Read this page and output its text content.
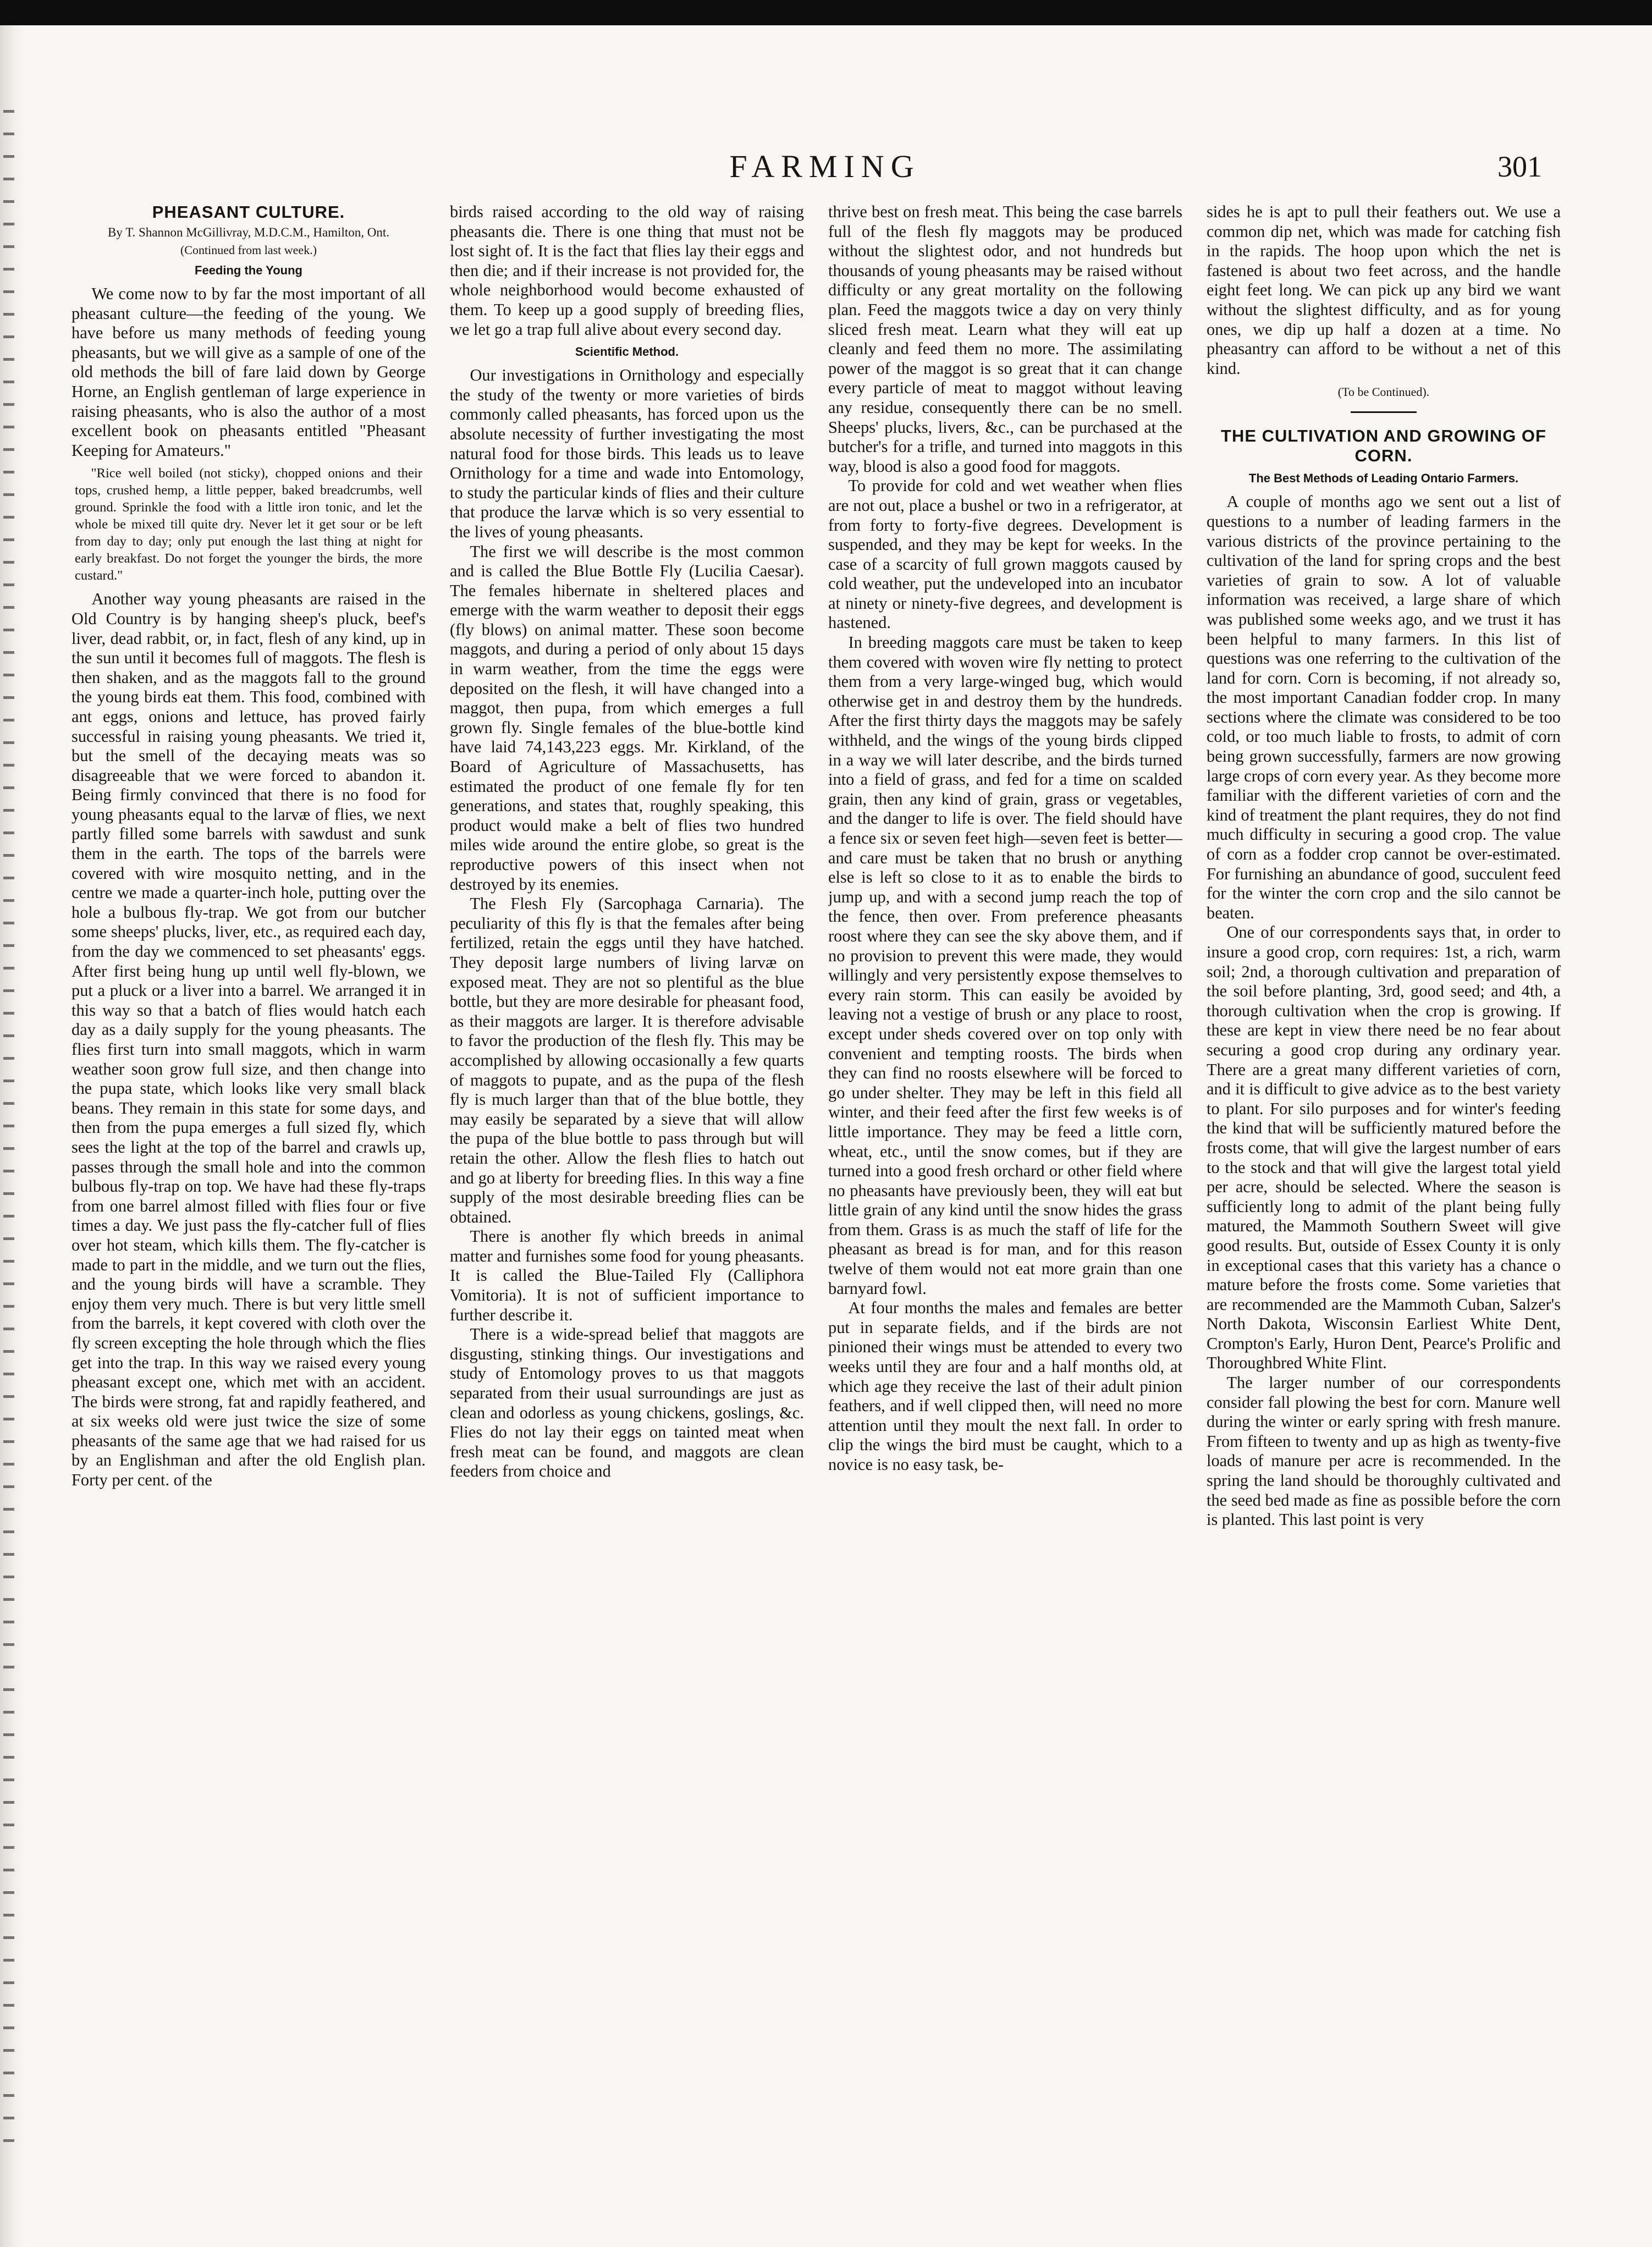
FARMING	301
PHEASANT CULTURE.
By T. Shannon McGillivray, M.D.C.M., Hamilton, Ont.
(Continued from last week.)
Feeding the Young

We come now to by far the most important of all pheasant culture—the feeding of the young. We have before us many methods of feeding young pheasants, but we will give as a sample of one of the old methods the bill of fare laid down by George Horne, an English gentleman of large experience in raising pheasants, who is also the author of a most excellent book on pheasants entitled "Pheasant Keeping for Amateurs."

"Rice well boiled (not sticky), chopped onions and their tops, crushed hemp, a little pepper, baked breadcrumbs, well ground. Sprinkle the food with a little iron tonic, and let the whole be mixed till quite dry. Never let it get sour or be left from day to day; only put enough the last thing at night for early breakfast. Do not forget the younger the birds, the more custard."

Another way young pheasants are raised in the Old Country is by hanging sheep's pluck, beef's liver, dead rabbit, or, in fact, flesh of any kind, up in the sun until it becomes full of maggots. The flesh is then shaken, and as the maggots fall to the ground the young birds eat them. This food, combined with ant eggs, onions and lettuce, has proved fairly successful in raising young pheasants. We tried it, but the smell of the decaying meats was so disagreeable that we were forced to abandon it. Being firmly convinced that there is no food for young pheasants equal to the larvæ of flies, we next partly filled some barrels with sawdust and sunk them in the earth. The tops of the barrels were covered with wire mosquito netting, and in the centre we made a quarter-inch hole, putting over the hole a bulbous fly-trap. We got from our butcher some sheeps' plucks, liver, etc., as required each day, from the day we commenced to set pheasants' eggs. After first being hung up until well fly-blown, we put a pluck or a liver into a barrel. We arranged it in this way so that a batch of flies would hatch each day as a daily supply for the young pheasants. The flies first turn into small maggots, which in warm weather soon grow full size, and then change into the pupa state, which looks like very small black beans. They remain in this state for some days, and then from the pupa emerges a full sized fly, which sees the light at the top of the barrel and crawls up, passes through the small hole and into the common bulbous fly-trap on top. We have had these fly-traps from one barrel almost filled with flies four or five times a day. We just pass the fly-catcher full of flies over hot steam, which kills them. The fly-catcher is made to part in the middle, and we turn out the flies, and the young birds will have a scramble. They enjoy them very much. There is but very little smell from the barrels, it kept covered with cloth over the fly screen excepting the hole through which the flies get into the trap. In this way we raised every young pheasant except one, which met with an accident. The birds were strong, fat and rapidly feathered, and at six weeks old were just twice the size of some pheasants of the same age that we had raised for us by an Englishman and after the old English plan. Forty per cent. of the

birds raised according to the old way of raising pheasants die. There is one thing that must not be lost sight of. It is the fact that flies lay their eggs and then die; and if their increase is not provided for, the whole neighborhood would become exhausted of them. To keep up a good supply of breeding flies, we let go a trap full alive about every second day.

Scientific Method.

Our investigations in Ornithology and especially the study of the twenty or more varieties of birds commonly called pheasants, has forced upon us the absolute necessity of further investigating the most natural food for those birds. This leads us to leave Ornithology for a time and wade into Entomology, to study the particular kinds of flies and their culture that produce the larvæ which is so very essential to the lives of young pheasants.

The first we will describe is the most common and is called the Blue Bottle Fly (Lucilia Caesar). The females hibernate in sheltered places and emerge with the warm weather to deposit their eggs (fly blows) on animal matter. These soon become maggots, and during a period of only about 15 days in warm weather, from the time the eggs were deposited on the flesh, it will have changed into a maggot, then pupa, from which emerges a full grown fly. Single females of the blue-bottle kind have laid 74,143,223 eggs. Mr. Kirkland, of the Board of Agriculture of Massachusetts, has estimated the product of one female fly for ten generations, and states that, roughly speaking, this product would make a belt of flies two hundred miles wide around the entire globe, so great is the reproductive powers of this insect when not destroyed by its enemies.

The Flesh Fly (Sarcophaga Carnaria). The peculiarity of this fly is that the females after being fertilized, retain the eggs until they have hatched. They deposit large numbers of living larvæ on exposed meat. They are not so plentiful as the blue bottle, but they are more desirable for pheasant food, as their maggots are larger. It is therefore advisable to favor the production of the flesh fly. This may be accomplished by allowing occasionally a few quarts of maggots to pupate, and as the pupa of the flesh fly is much larger than that of the blue bottle, they may easily be separated by a sieve that will allow the pupa of the blue bottle to pass through but will retain the other. Allow the flesh flies to hatch out and go at liberty for breeding flies. In this way a fine supply of the most desirable breeding flies can be obtained.

There is another fly which breeds in animal matter and furnishes some food for young pheasants. It is called the Blue-Tailed Fly (Calliphora Vomitoria). It is not of sufficient importance to further describe it.

There is a wide-spread belief that maggots are disgusting, stinking things. Our investigations and study of Entomology proves to us that maggots separated from their usual surroundings are just as clean and odorless as young chickens, goslings, &c. Flies do not lay their eggs on tainted meat when fresh meat can be found, and maggots are clean feeders from choice and

thrive best on fresh meat. This being the case barrels full of the flesh fly maggots may be produced without the slightest odor, and not hundreds but thousands of young pheasants may be raised without difficulty or any great mortality on the following plan. Feed the maggots twice a day on very thinly sliced fresh meat. Learn what they will eat up cleanly and feed them no more. The assimilating power of the maggot is so great that it can change every particle of meat to maggot without leaving any residue, consequently there can be no smell. Sheeps' plucks, livers, &c., can be purchased at the butcher's for a trifle, and turned into maggots in this way, blood is also a good food for maggots.

To provide for cold and wet weather when flies are not out, place a bushel or two in a refrigerator, at from forty to forty-five degrees. Development is suspended, and they may be kept for weeks. In the case of a scarcity of full grown maggots caused by cold weather, put the undeveloped into an incubator at ninety or ninety-five degrees, and development is hastened.

In breeding maggots care must be taken to keep them covered with woven wire fly netting to protect them from a very large-winged bug, which would otherwise get in and destroy them by the hundreds. After the first thirty days the maggots may be safely withheld, and the wings of the young birds clipped in a way we will later describe, and the birds turned into a field of grass, and fed for a time on scalded grain, then any kind of grain, grass or vegetables, and the danger to life is over. The field should have a fence six or seven feet high—seven feet is better—and care must be taken that no brush or anything else is left so close to it as to enable the birds to jump up, and with a second jump reach the top of the fence, then over. From preference pheasants roost where they can see the sky above them, and if no provision to prevent this were made, they would willingly and very persistently expose themselves to every rain storm. This can easily be avoided by leaving not a vestige of brush or any place to roost, except under sheds covered over on top only with convenient and tempting roosts. The birds when they can find no roosts elsewhere will be forced to go under shelter. They may be left in this field all winter, and their feed after the first few weeks is of little importance. They may be feed a little corn, wheat, etc., until the snow comes, but if they are turned into a good fresh orchard or other field where no pheasants have previously been, they will eat but little grain of any kind until the snow hides the grass from them. Grass is as much the staff of life for the pheasant as bread is for man, and for this reason twelve of them would not eat more grain than one barnyard fowl.

At four months the males and females are better put in separate fields, and if the birds are not pinioned their wings must be attended to every two weeks until they are four and a half months old, at which age they receive the last of their adult pinion feathers, and if well clipped then, will need no more attention until they moult the next fall. In order to clip the wings the bird must be caught, which to a novice is no easy task, be-

sides he is apt to pull their feathers out. We use a common dip net, which was made for catching fish in the rapids. The hoop upon which the net is fastened is about two feet across, and the handle eight feet long. We can pick up any bird we want without the slightest difficulty, and as for young ones, we dip up half a dozen at a time. No pheasantry can afford to be without a net of this kind.

(To be Continued).

THE CULTIVATION AND GROWING OF CORN.
The Best Methods of Leading Ontario Farmers.

A couple of months ago we sent out a list of questions to a number of leading farmers in the various districts of the province pertaining to the cultivation of the land for spring crops and the best varieties of grain to sow. A lot of valuable information was received, a large share of which was published some weeks ago, and we trust it has been helpful to many farmers. In this list of questions was one referring to the cultivation of the land for corn. Corn is becoming, if not already so, the most important Canadian fodder crop. In many sections where the climate was considered to be too cold, or too much liable to frosts, to admit of corn being grown successfully, farmers are now growing large crops of corn every year. As they become more familiar with the different varieties of corn and the kind of treatment the plant requires, they do not find much difficulty in securing a good crop. The value of corn as a fodder crop cannot be over-estimated. For furnishing an abundance of good, succulent feed for the winter the corn crop and the silo cannot be beaten.

One of our correspondents says that, in order to insure a good crop, corn requires: 1st, a rich, warm soil; 2nd, a thorough cultivation and preparation of the soil before planting, 3rd, good seed; and 4th, a thorough cultivation when the crop is growing. If these are kept in view there need be no fear about securing a good crop during any ordinary year. There are a great many different varieties of corn, and it is difficult to give advice as to the best variety to plant. For silo purposes and for winter's feeding the kind that will be sufficiently matured before the frosts come, that will give the largest number of ears to the stock and that will give the largest total yield per acre, should be selected. Where the season is sufficiently long to admit of the plant being fully matured, the Mammoth Southern Sweet will give good results. But, outside of Essex County it is only in exceptional cases that this variety has a chance o mature before the frosts come. Some varieties that are recommended are the Mammoth Cuban, Salzer's North Dakota, Wisconsin Earliest White Dent, Crompton's Early, Huron Dent, Pearce's Prolific and Thoroughbred White Flint.

The larger number of our correspondents consider fall plowing the best for corn. Manure well during the winter or early spring with fresh manure. From fifteen to twenty and up as high as twenty-five loads of manure per acre is recommended. In the spring the land should be thoroughly cultivated and the seed bed made as fine as possible before the corn is planted. This last point is very
